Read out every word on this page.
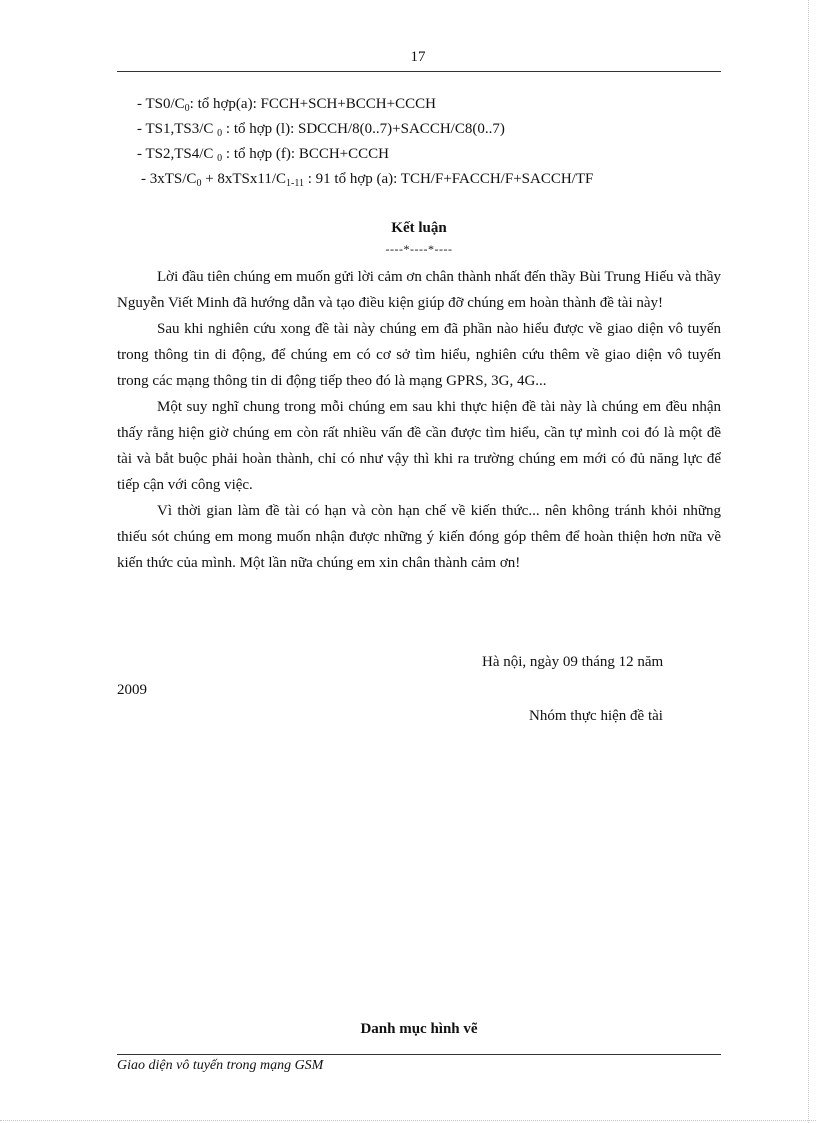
17
- $TS0/C_0$: tổ hợp(a): FCCH+SCH+BCCH+CCCH
- TS1,TS3/C $_0$ : tổ hợp (l): SDCCH/8(0..7)+SACCH/C8(0..7)
- TS2,TS4/C $_0$ : tổ hợp (f): BCCH+CCCH
- $3xTS/C_0$ + $8xTSx11/C_{1-11}$ : 91 tổ hợp (a): TCH/F+FACCH/F+SACCH/TF
Kết luận
----*----*----

Lời đầu tiên chúng em muốn gửi lời cảm ơn chân thành nhất đến thầy Bùi Trung Hiếu và thầy Nguyễn Viết Minh đã hướng dẫn và tạo điều kiện giúp đỡ chúng em hoàn thành đề tài này!

Sau khi nghiên cứu xong đề tài này chúng em đã phần nào hiểu được về giao diện vô tuyến trong thông tin di động, để chúng em có cơ sở tìm hiểu, nghiên cứu thêm về giao diện vô tuyến trong các mạng thông tin di động tiếp theo đó là mạng GPRS, 3G, 4G...

Một suy nghĩ chung trong mỗi chúng em sau khi thực hiện đề tài này là chúng em đều nhận thấy rằng hiện giờ chúng em còn rất nhiều vấn đề cần được tìm hiểu, cần tự mình coi đó là một đề tài và bắt buộc phải hoàn thành, chỉ có như vậy thì khi ra trường chúng em mới có đủ năng lực để tiếp cận với công việc.

Vì thời gian làm đề tài có hạn và còn hạn chế về kiến thức... nên không tránh khỏi những thiếu sót chúng em mong muốn nhận được những ý kiến đóng góp thêm để hoàn thiện hơn nữa về kiến thức của mình. Một lần nữa chúng em xin chân thành cảm ơn!

Hà nội, ngày 09 tháng 12 năm
2009
Nhóm thực hiện đề tài
Danh mục hình vẽ
Giao diện vô tuyến trong mạng GSM
